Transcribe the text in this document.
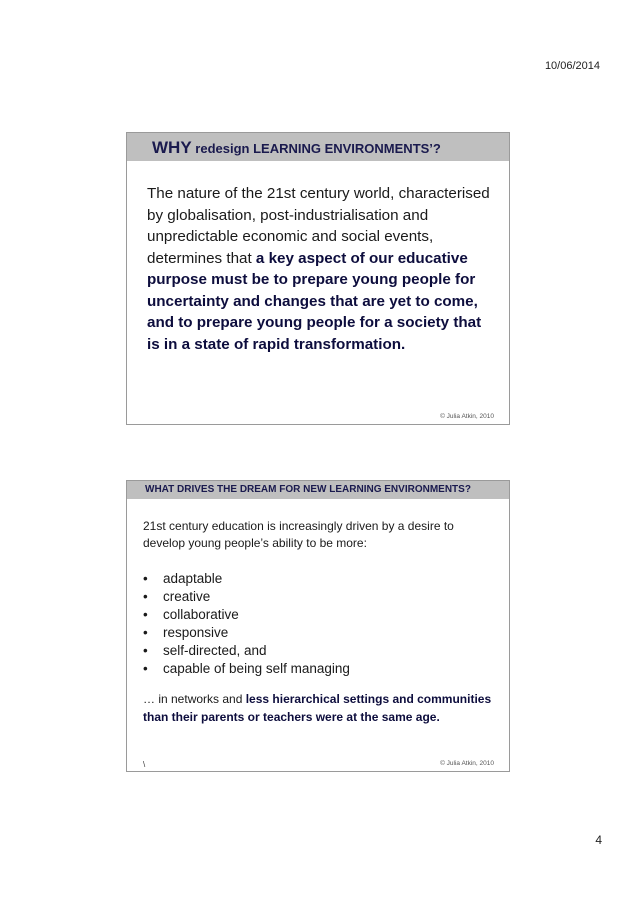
10/06/2014
WHY redesign LEARNING ENVIRONMENTS’?
The nature of the 21st century world, characterised by globalisation, post-industrialisation and unpredictable economic and social events, determines that a key aspect of our educative purpose must be to prepare young people for uncertainty and changes that are yet to come, and to prepare young people for a society that is in a state of rapid transformation.
© Julia Atkin, 2010
WHAT DRIVES THE DREAM FOR NEW LEARNING ENVIRONMENTS?
21st century education is increasingly driven by a desire to develop young people’s ability to be more:
• adaptable
• creative
• collaborative
• responsive
• self-directed, and
• capable of being self managing
… in networks and less hierarchical settings and communities than their parents or teachers were at the same age.
\	© Julia Atkin, 2010
4
